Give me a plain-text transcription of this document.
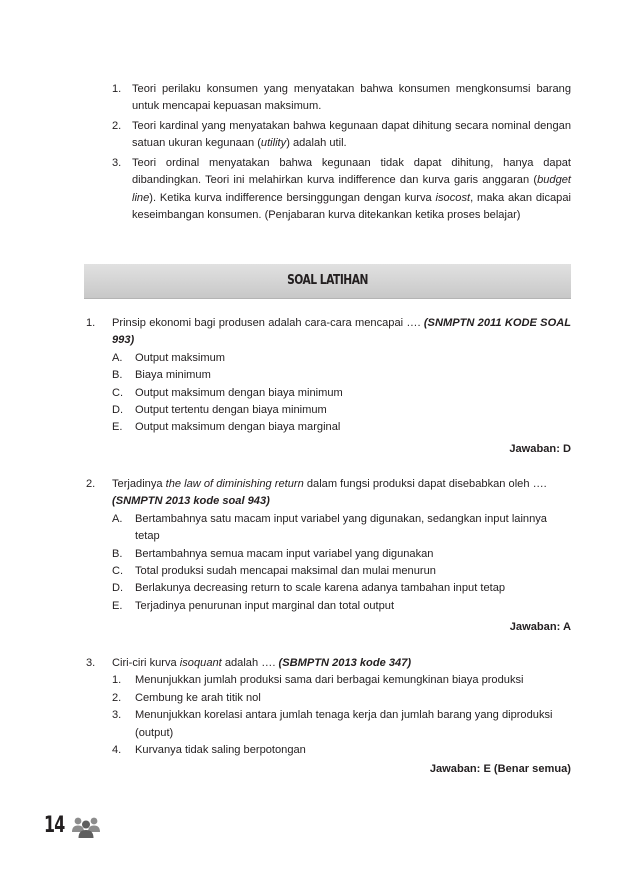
1. Teori perilaku konsumen yang menyatakan bahwa konsumen mengkonsumsi barang untuk mencapai kepuasan maksimum.
2. Teori kardinal yang menyatakan bahwa kegunaan dapat dihitung secara nominal dengan satuan ukuran kegunaan (utility) adalah util.
3. Teori ordinal menyatakan bahwa kegunaan tidak dapat dihitung, hanya dapat dibandingkan. Teori ini melahirkan kurva indifference dan kurva garis anggaran (budget line). Ketika kurva indifference bersinggungan dengan kurva isocost, maka akan dicapai keseimbangan konsumen. (Penjabaran kurva ditekankan ketika proses belajar)
SOAL LATIHAN
1. Prinsip ekonomi bagi produsen adalah cara-cara mencapai …. (SNMPTN 2011 KODE SOAL 993)
A. Output maksimum
B. Biaya minimum
C. Output maksimum dengan biaya minimum
D. Output tertentu dengan biaya minimum
E. Output maksimum dengan biaya marginal
Jawaban: D
2. Terjadinya the law of diminishing return dalam fungsi produksi dapat disebabkan oleh ….
(SNMPTN 2013 kode soal 943)
A. Bertambahnya satu macam input variabel yang digunakan, sedangkan input lainnya tetap
B. Bertambahnya semua macam input variabel yang digunakan
C. Total produksi sudah mencapai maksimal dan mulai menurun
D. Berlakunya decreasing return to scale karena adanya tambahan input tetap
E. Terjadinya penurunan input marginal dan total output
Jawaban: A
3. Ciri-ciri kurva isoquant adalah …. (SBMPTN 2013 kode 347)
1. Menunjukkan jumlah produksi sama dari berbagai kemungkinan biaya produksi
2. Cembung ke arah titik nol
3. Menunjukkan korelasi antara jumlah tenaga kerja dan jumlah barang yang diproduksi (output)
4. Kurvanya tidak saling berpotongan
Jawaban: E (Benar semua)
14
